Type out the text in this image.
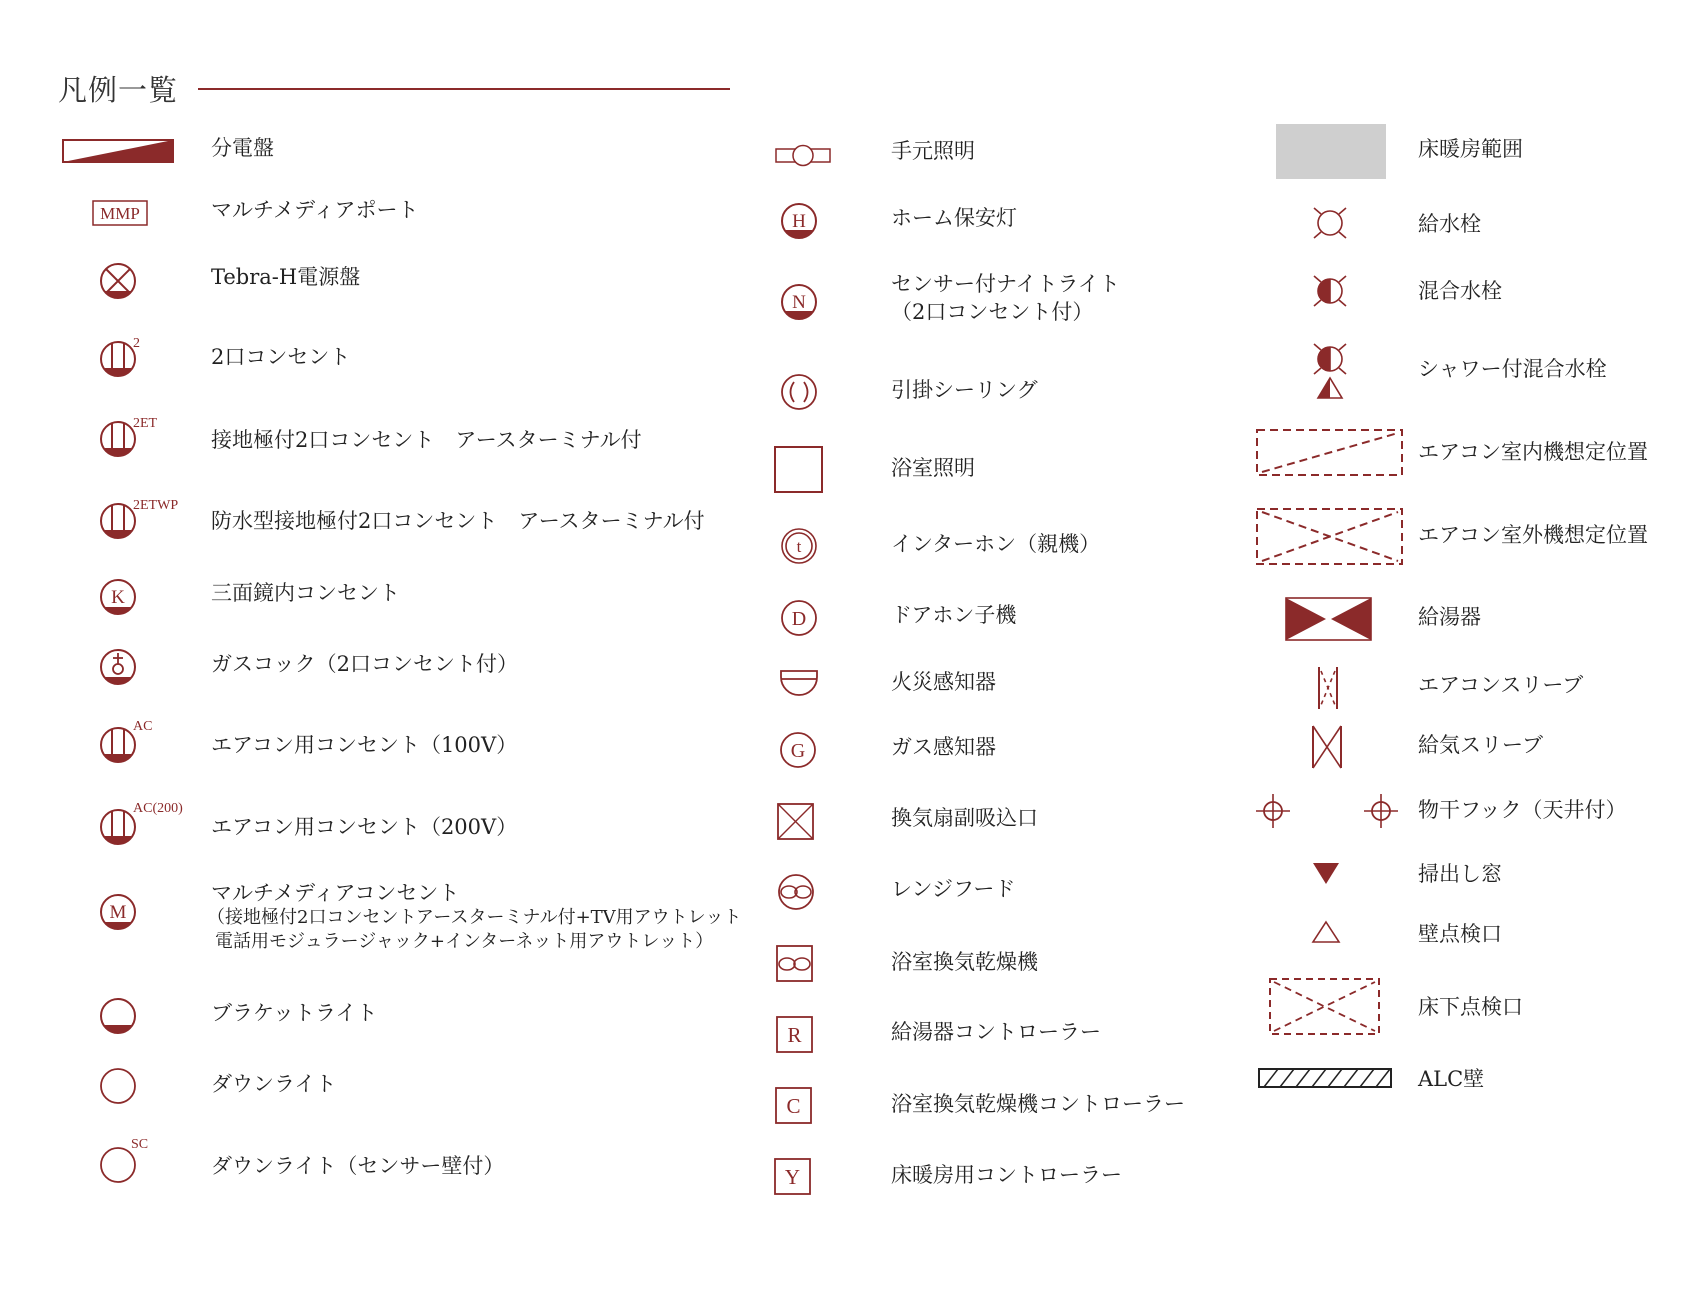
凡例一覧
分電盤
MMP	マルチメディアポート
Tebra-H電源盤
2
2口コンセント
2ET
接地極付2口コンセント　アースターミナル付
2ETWP
防水型接地極付2口コンセント　アースターミナル付
K	三面鏡内コンセント
ガスコック（2口コンセント付）
AC
エアコン用コンセント（100V）
AC(200)
エアコン用コンセント（200V）
M
マルチメディアコンセント
（接地極付2口コンセントアースターミナル付+TV用アウトレット
電話用モジュラージャック+インターネット用アウトレット）
ブラケットライト
ダウンライト
SC
ダウンライト（センサー壁付）
手元照明
H	ホーム保安灯
N
センサー付ナイトライト
（2口コンセント付）
引掛シーリング
浴室照明
t	インターホン（親機）
D	ドアホン子機
火災感知器
G	ガス感知器
換気扇副吸込口
レンジフード
浴室換気乾燥機
R	給湯器コントローラー
C	浴室換気乾燥機コントローラー
Y	床暖房用コントローラー
床暖房範囲
給水栓
混合水栓
シャワー付混合水栓
エアコン室内機想定位置
エアコン室外機想定位置
給湯器
エアコンスリーブ
給気スリーブ
物干フック（天井付）
掃出し窓
壁点検口
床下点検口
ALC壁
